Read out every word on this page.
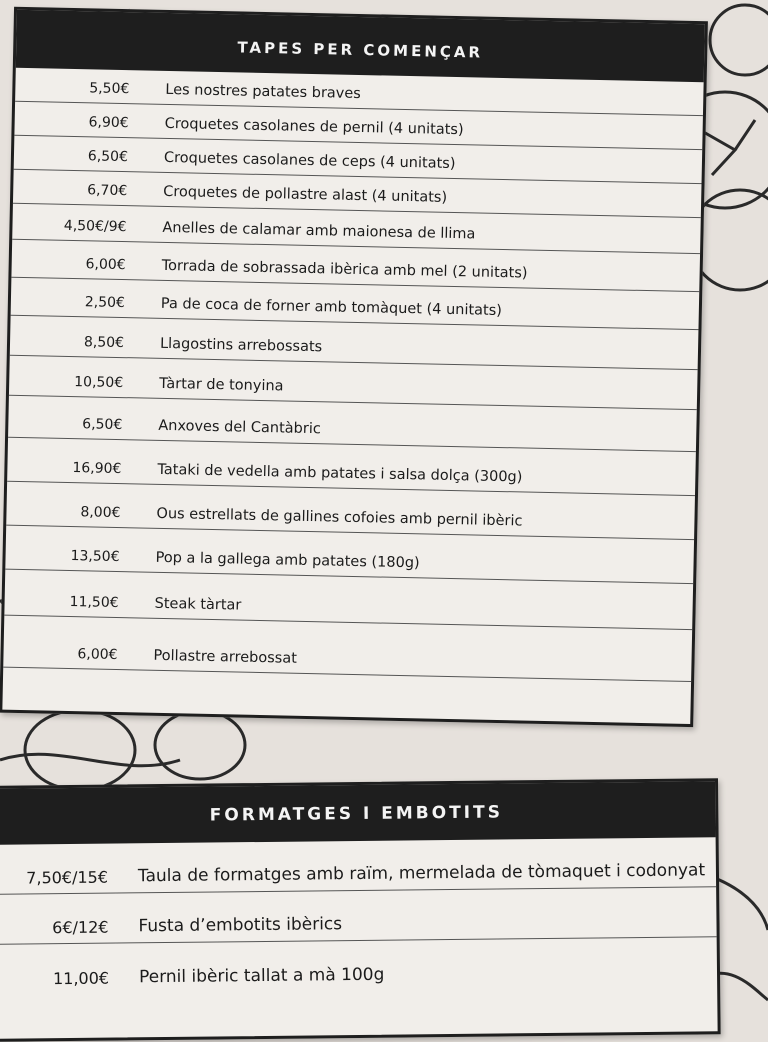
TAPES PER COMENÇAR
5,50€	Les nostres patates braves
6,90€	Croquetes casolanes de pernil (4 unitats)
6,50€	Croquetes casolanes de ceps (4 unitats)
6,70€	Croquetes de pollastre alast (4 unitats)
4,50€/9€	Anelles de calamar amb maionesa de llima
6,00€	Torrada de sobrassada ibèrica amb mel (2 unitats)
2,50€	Pa de coca de forner amb tomàquet (4 unitats)
8,50€	Llagostins arrebossats
10,50€	Tàrtar de tonyina
6,50€	Anxoves del Cantàbric
16,90€	Tataki de vedella amb patates i salsa dolça (300g)
8,00€	Ous estrellats de gallines cofoies amb pernil ibèric
13,50€	Pop a la gallega amb patates (180g)
11,50€	Steak tàrtar
6,00€	Pollastre arrebossat
FORMATGES I EMBOTITS
7,50€/15€	Taula de formatges amb raïm, mermelada de tòmaquet i codonyat
6€/12€	Fusta d’embotits ibèrics
11,00€	Pernil ibèric tallat a mà 100g
